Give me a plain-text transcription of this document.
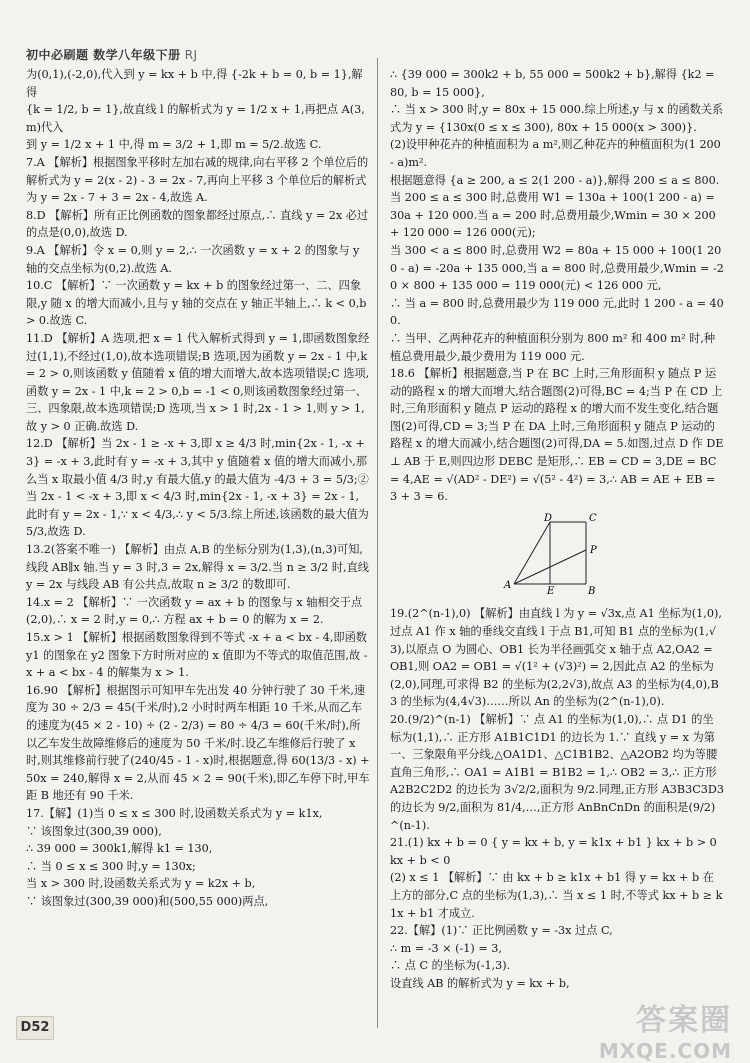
初中必刷题 数学八年级下册 RJ

为(0,1),(-2,0),代入到 y = kx + b 中,得 {-2k + b = 0, b = 1},解得

{k = 1/2, b = 1},故直线 l 的解析式为 y = 1/2 x + 1,再把点 A(3,m)代入

到 y = 1/2 x + 1 中,得 m = 3/2 + 1,即 m = 5/2.故选 C.

7.A 【解析】根据图象平移时左加右减的规律,向右平移 2 个单位后的解析式为 y = 2(x - 2) - 3 = 2x - 7,再向上平移 3 个单位后的解析式为 y = 2x - 7 + 3 = 2x - 4,故选 A.

8.D 【解析】所有正比例函数的图象都经过原点,∴ 直线 y = 2x 必过的点是(0,0),故选 D.

9.A 【解析】令 x = 0,则 y = 2,∴ 一次函数 y = x + 2 的图象与 y 轴的交点坐标为(0,2).故选 A.

10.C 【解析】∵ 一次函数 y = kx + b 的图象经过第一、二、四象限,y 随 x 的增大而减小,且与 y 轴的交点在 y 轴正半轴上,∴ k < 0,b > 0.故选 C.

11.D 【解析】A 选项,把 x = 1 代入解析式得到 y = 1,即函数图象经过(1,1),不经过(1,0),故本选项错误;B 选项,因为函数 y = 2x - 1 中,k = 2 > 0,则该函数 y 值随着 x 值的增大而增大,故本选项错误;C 选项,函数 y = 2x - 1 中,k = 2 > 0,b = -1 < 0,则该函数图象经过第一、三、四象限,故本选项错误;D 选项,当 x > 1 时,2x - 1 > 1,则 y > 1,故 y > 0 正确.故选 D.

12.D 【解析】当 2x - 1 ≥ -x + 3,即 x ≥ 4/3 时,min{2x - 1, -x + 3} = -x + 3,此时有 y = -x + 3,其中 y 值随着 x 值的增大而减小,那么当 x 取最小值 4/3 时,y 有最大值,y 的最大值为 -4/3 + 3 = 5/3;②当 2x - 1 < -x + 3,即 x < 4/3 时,min{2x - 1, -x + 3} = 2x - 1,此时有 y = 2x - 1,∵ x < 4/3,∴ y < 5/3.综上所述,该函数的最大值为 5/3,故选 D.

13.2(答案不唯一) 【解析】由点 A,B 的坐标分别为(1,3),(n,3)可知,线段 AB∥x 轴.当 y = 3 时,3 = 2x,解得 x = 3/2.当 n ≥ 3/2 时,直线 y = 2x 与线段 AB 有公共点,故取 n ≥ 3/2 的数即可.

14.x = 2 【解析】∵ 一次函数 y = ax + b 的图象与 x 轴相交于点(2,0),∴ x = 2 时,y = 0,∴ 方程 ax + b = 0 的解为 x = 2.

15.x > 1 【解析】根据函数图象得到不等式 -x + a < bx - 4,即函数 y1 的图象在 y2 图象下方时所对应的 x 值即为不等式的取值范围,故 -x + a < bx - 4 的解集为 x > 1.

16.90 【解析】根据图示可知甲车先出发 40 分钟行驶了 30 千米,速度为 30 ÷ 2/3 = 45(千米/时),2 小时时两车相距 10 千米,从而乙车的速度为(45 × 2 - 10) ÷ (2 - 2/3) = 80 ÷ 4/3 = 60(千米/时),所以乙车发生故障维修后的速度为 50 千米/时.设乙车维修后行驶了 x 时,则其维修前行驶了(240/45 - 1 - x)时,根据题意,得 60(13/3 - x) + 50x = 240,解得 x = 2,从而 45 × 2 = 90(千米),即乙车停下时,甲车距 B 地还有 90 千米.

17.【解】(1)当 0 ≤ x ≤ 300 时,设函数关系式为 y = k1x,

∵ 该图象过(300,39 000),

∴ 39 000 = 300k1,解得 k1 = 130,

∴ 当 0 ≤ x ≤ 300 时,y = 130x;

当 x > 300 时,设函数关系式为 y = k2x + b,

∵ 该图象过(300,39 000)和(500,55 000)两点,

∴ {39 000 = 300k2 + b, 55 000 = 500k2 + b},解得 {k2 = 80, b = 15 000},

∴ 当 x > 300 时,y = 80x + 15 000.综上所述,y 与 x 的函数关系式为 y = {130x(0 ≤ x ≤ 300), 80x + 15 000(x > 300)}.

(2)设甲种花卉的种植面积为 a m²,则乙种花卉的种植面积为(1 200 - a)m².

根据题意得 {a ≥ 200, a ≤ 2(1 200 - a)},解得 200 ≤ a ≤ 800.

当 200 ≤ a ≤ 300 时,总费用 W1 = 130a + 100(1 200 - a) = 30a + 120 000.当 a = 200 时,总费用最少,Wmin = 30 × 200 + 120 000 = 126 000(元);

当 300 < a ≤ 800 时,总费用 W2 = 80a + 15 000 + 100(1 200 - a) = -20a + 135 000,当 a = 800 时,总费用最少,Wmin = -20 × 800 + 135 000 = 119 000(元) < 126 000 元,

∴ 当 a = 800 时,总费用最少为 119 000 元,此时 1 200 - a = 400.

∴ 当甲、乙两种花卉的种植面积分别为 800 m² 和 400 m² 时,种植总费用最少,最少费用为 119 000 元.

18.6 【解析】根据题意,当 P 在 BC 上时,三角形面积 y 随点 P 运动的路程 x 的增大而增大,结合题图(2)可得,BC = 4;当 P 在 CD 上时,三角形面积 y 随点 P 运动的路程 x 的增大而不发生变化,结合题图(2)可得,CD = 3;当 P 在 DA 上时,三角形面积 y 随点 P 运动的路程 x 的增大而减小,结合题图(2)可得,DA = 5.如图,过点 D 作 DE ⊥ AB 于 E,则四边形 DEBC 是矩形,∴ EB = CD = 3,DE = BC = 4,AE = √(AD² - DE²) = √(5² - 4²) = 3,∴ AB = AE + EB = 3 + 3 = 6.

D	C
P
A
E	B

19.(2^(n-1),0) 【解析】由直线 l 为 y = √3x,点 A1 坐标为(1,0),过点 A1 作 x 轴的垂线交直线 l 于点 B1,可知 B1 点的坐标为(1,√3),以原点 O 为圆心、OB1 长为半径画弧交 x 轴于点 A2,OA2 = OB1,则 OA2 = OB1 = √(1² + (√3)²) = 2,因此点 A2 的坐标为(2,0),同理,可求得 B2 的坐标为(2,2√3),故点 A3 的坐标为(4,0),B3 的坐标为(4,4√3)……所以 An 的坐标为(2^(n-1),0).

20.(9/2)^(n-1) 【解析】∵ 点 A1 的坐标为(1,0),∴ 点 D1 的坐标为(1,1),∴ 正方形 A1B1C1D1 的边长为 1.∵ 直线 y = x 为第一、三象限角平分线,△OA1D1、△C1B1B2、△A2OB2 均为等腰直角三角形,∴ OA1 = A1B1 = B1B2 = 1,∴ OB2 = 3,∴ 正方形 A2B2C2D2 的边长为 3√2/2,面积为 9/2.同理,正方形 A3B3C3D3 的边长为 9/2,面积为 81/4,…,正方形 AnBnCnDn 的面积是(9/2)^(n-1).

21.(1) kx + b = 0 { y = kx + b, y = k1x + b1 } kx + b > 0 kx + b < 0

(2) x ≤ 1 【解析】∵ 由 kx + b ≥ k1x + b1 得 y = kx + b 在上方的部分,C 点的坐标为(1,3),∴ 当 x ≤ 1 时,不等式 kx + b ≥ k1x + b1 才成立.

22.【解】(1)∵ 正比例函数 y = -3x 过点 C,

∴ m = -3 × (-1) = 3,

∴ 点 C 的坐标为(-1,3).

设直线 AB 的解析式为 y = kx + b,

D52	答案圈
MXQE.COM
